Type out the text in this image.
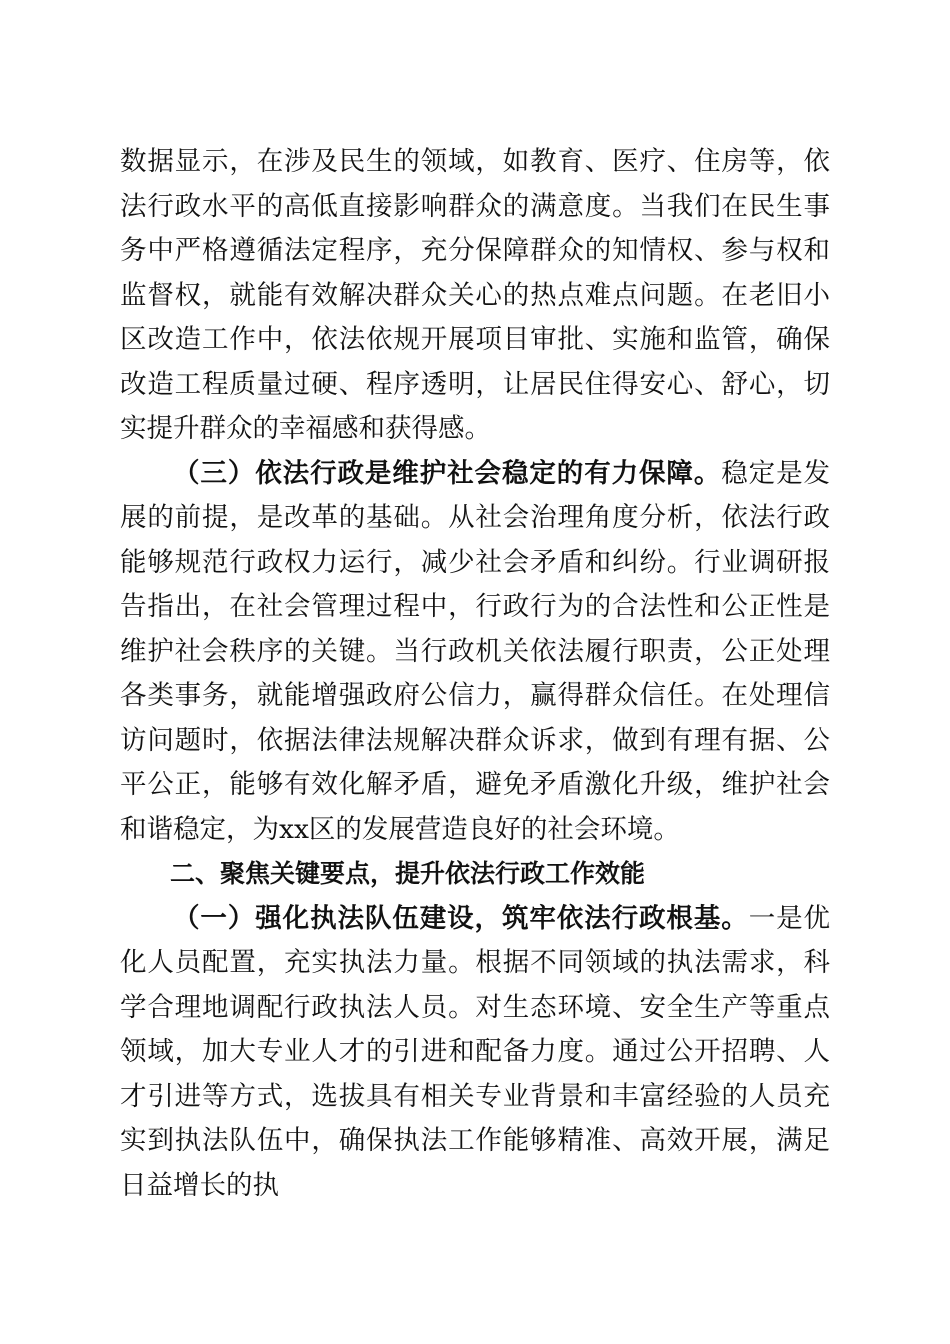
数据显示，在涉及民生的领域，如教育、医疗、住房等，依法行政水平的高低直接影响群众的满意度。当我们在民生事务中严格遵循法定程序，充分保障群众的知情权、参与权和监督权，就能有效解决群众关心的热点难点问题。在老旧小区改造工作中，依法依规开展项目审批、实施和监管，确保改造工程质量过硬、程序透明，让居民住得安心、舒心，切实提升群众的幸福感和获得感。

（三）依法行政是维护社会稳定的有力保障。稳定是发展的前提，是改革的基础。从社会治理角度分析，依法行政能够规范行政权力运行，减少社会矛盾和纠纷。行业调研报告指出，在社会管理过程中，行政行为的合法性和公正性是维护社会秩序的关键。当行政机关依法履行职责，公正处理各类事务，就能增强政府公信力，赢得群众信任。在处理信访问题时，依据法律法规解决群众诉求，做到有理有据、公平公正，能够有效化解矛盾，避免矛盾激化升级，维护社会和谐稳定，为xx区的发展营造良好的社会环境。

二、聚焦关键要点，提升依法行政工作效能

（一）强化执法队伍建设，筑牢依法行政根基。一是优化人员配置，充实执法力量。根据不同领域的执法需求，科学合理地调配行政执法人员。对生态环境、安全生产等重点领域，加大专业人才的引进和配备力度。通过公开招聘、人才引进等方式，选拔具有相关专业背景和丰富经验的人员充实到执法队伍中，确保执法工作能够精准、高效开展，满足日益增长的执
